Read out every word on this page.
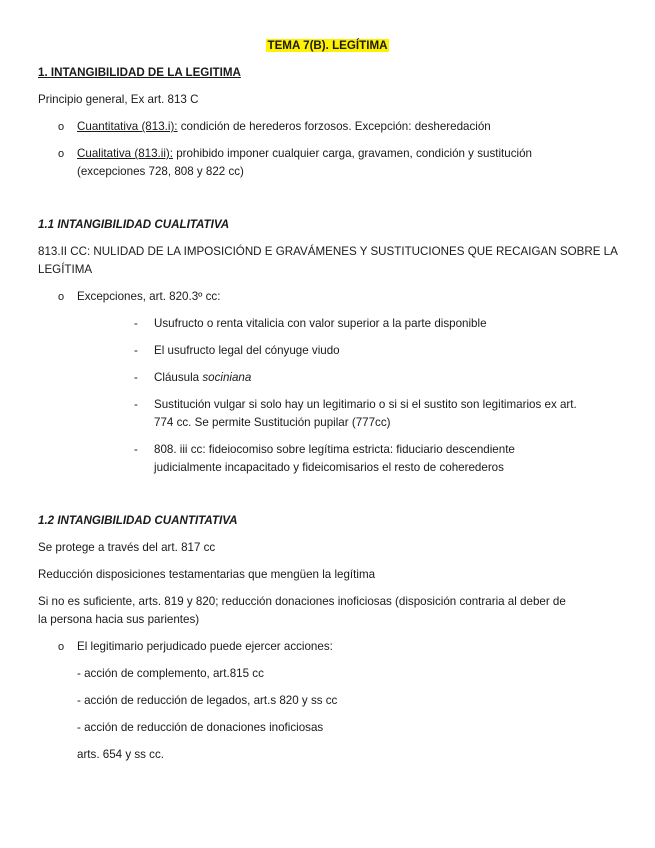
TEMA 7(B). LEGÍTIMA
1. INTANGIBILIDAD DE LA LEGITIMA
Principio general, Ex art. 813 C
o Cuantitativa (813.i): condición de herederos forzosos. Excepción: desheredación
o Cualitativa (813.ii): prohibido imponer cualquier carga, gravamen, condición y sustitución
(excepciones 728, 808 y 822 cc)
1.1 INTANGIBILIDAD CUALITATIVA
813.II CC: NULIDAD DE LA IMPOSICIÓND E GRAVÁMENES Y SUSTITUCIONES QUE RECAIGAN SOBRE LA
LEGÍTIMA
o Excepciones, art. 820.3º cc:
- Usufructo o renta vitalicia con valor superior a la parte disponible
- El usufructo legal del cónyuge viudo
- Cláusula sociniana
- Sustitución vulgar si solo hay un legitimario o si si el sustito son legitimarios ex art.
774 cc. Se permite Sustitución pupilar (777cc)
- 808. iii cc: fideiocomiso sobre legítima estricta: fiduciario descendiente
judicialmente incapacitado y fideicomisarios el resto de coherederos
1.2 INTANGIBILIDAD CUANTITATIVA
Se protege a través del art. 817 cc
Reducción disposiciones testamentarias que mengüen la legítima
Si no es suficiente, arts. 819 y 820; reducción donaciones inoficiosas (disposición contraria al deber de
la persona hacia sus parientes)
o El legitimario perjudicado puede ejercer acciones:
- acción de complemento, art.815 cc
- acción de reducción de legados, art.s 820 y ss cc
- acción de reducción de donaciones inoficiosas
arts. 654 y ss cc.
